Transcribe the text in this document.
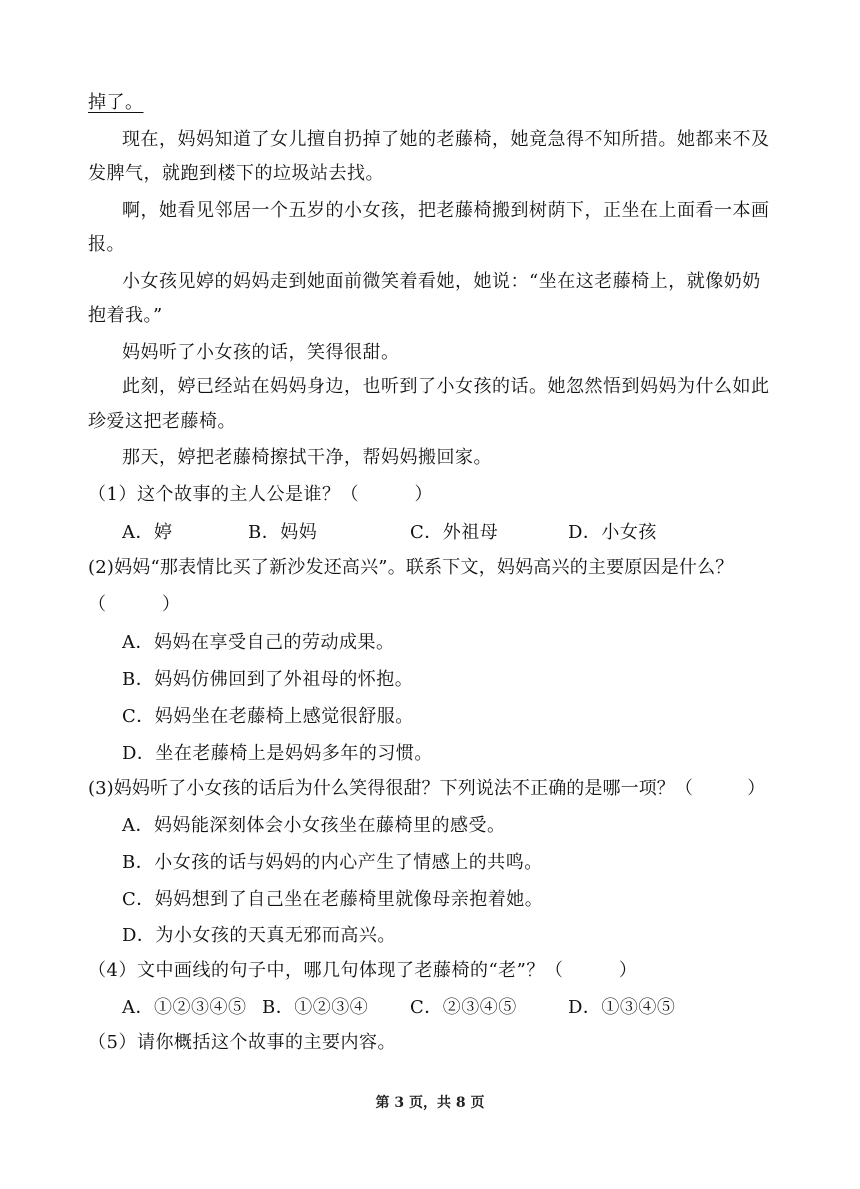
掉了。
现在，妈妈知道了女儿擅自扔掉了她的老藤椅，她竟急得不知所措。她都来不及
发脾气，就跑到楼下的垃圾站去找。
啊，她看见邻居一个五岁的小女孩，把老藤椅搬到树荫下，正坐在上面看一本画
报。
小女孩见婷的妈妈走到她面前微笑着看她，她说：“坐在这老藤椅上，就像奶奶
抱着我。”
妈妈听了小女孩的话，笑得很甜。
此刻，婷已经站在妈妈身边，也听到了小女孩的话。她忽然悟到妈妈为什么如此
珍爱这把老藤椅。
那天，婷把老藤椅擦拭干净，帮妈妈搬回家。
（1）这个故事的主人公是谁？（　　　）
A．婷	B．妈妈	C．外祖母	D．小女孩
(2)妈妈“那表情比买了新沙发还高兴”。联系下文，妈妈高兴的主要原因是什么？
（　　　）
A．妈妈在享受自己的劳动成果。
B．妈妈仿佛回到了外祖母的怀抱。
C．妈妈坐在老藤椅上感觉很舒服。
D．坐在老藤椅上是妈妈多年的习惯。
(3)妈妈听了小女孩的话后为什么笑得很甜？下列说法不正确的是哪一项？（　　　）
A．妈妈能深刻体会小女孩坐在藤椅里的感受。
B．小女孩的话与妈妈的内心产生了情感上的共鸣。
C．妈妈想到了自己坐在老藤椅里就像母亲抱着她。
D．为小女孩的天真无邪而高兴。
（4）文中画线的句子中，哪几句体现了老藤椅的“老”？（　　　）
A．①②③④⑤ B．①②③④ C．②③④⑤	D．①③④⑤
（5）请你概括这个故事的主要内容。
第 3 页，共 8 页
